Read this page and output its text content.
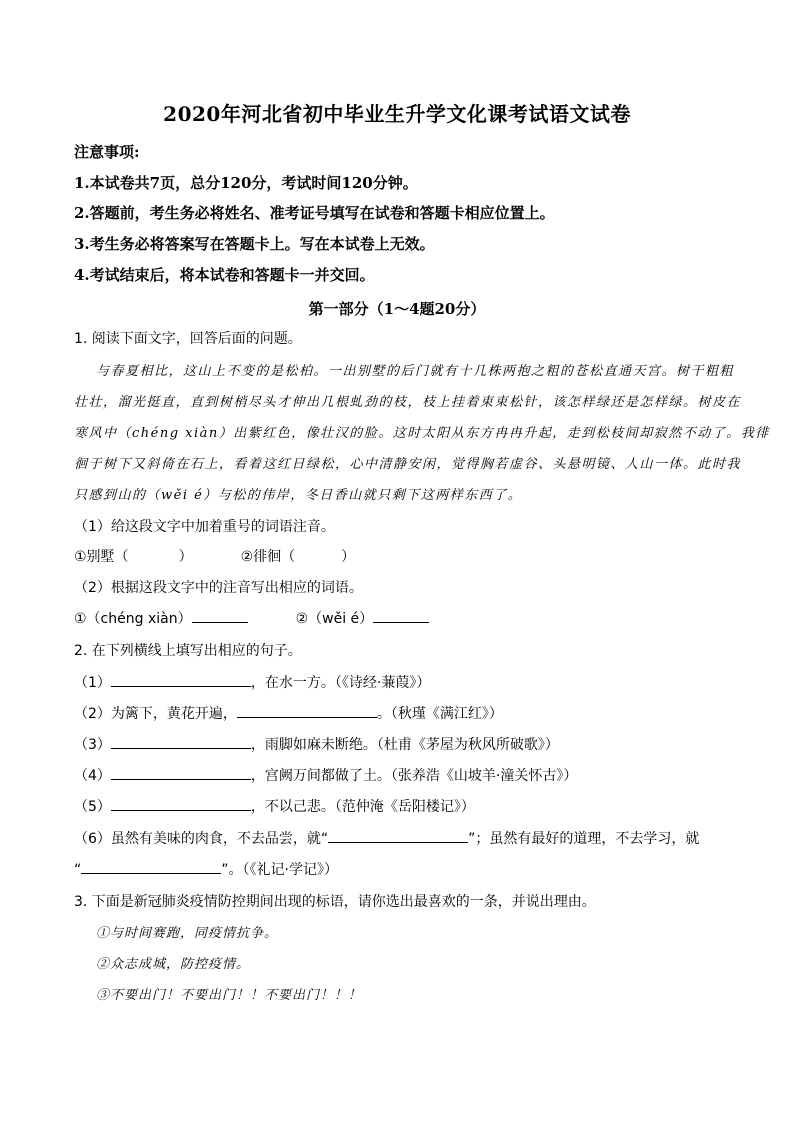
2020年河北省初中毕业生升学文化课考试语文试卷
注意事项:
1.本试卷共7页，总分120分，考试时间120分钟。
2.答题前，考生务必将姓名、准考证号填写在试卷和答题卡相应位置上。
3.考生务必将答案写在答题卡上。写在本试卷上无效。
4.考试结束后，将本试卷和答题卡一并交回。
第一部分（1～4题20分）
1. 阅读下面文字，回答后面的问题。
与春夏相比，这山上不变的是松柏。一出别墅的后门就有十几株两抱之粗的苍松直通天宫。树干粗粗
壮壮，溜光挺直，直到树梢尽头才伸出几根虬劲的枝，枝上挂着束束松针，该怎样绿还是怎样绿。树皮在
寒风中（chéng xiàn）出紫红色，像壮汉的脸。这时太阳从东方冉冉升起，走到松枝间却寂然不动了。我徘
徊于树下又斜倚在石上，看着这红日绿松，心中清静安闲，觉得胸若虚谷、头悬明镜、人山一体。此时我
只感到山的（wěi é）与松的伟岸，冬日香山就只剩下这两样东西了。
（1）给这段文字中加着重号的词语注音。
①别墅（	）	②徘徊（	）
（2）根据这段文字中的注音写出相应的词语。
①（chéng xiàn）	②（wěi é）
2. 在下列横线上填写出相应的句子。
（1）	，在水一方。（《诗经·蒹葭》）
（2）为篱下，黄花开遍，	。（秋瑾《满江红》）
（3）	，雨脚如麻未断绝。（杜甫《茅屋为秋风所破歌》）
（4）	，宫阙万间都做了土。（张养浩《山坡羊·潼关怀古》）
（5）	，不以己悲。（范仲淹《岳阳楼记》）
（6）虽然有美味的肉食，不去品尝，就“	”；虽然有最好的道理，不去学习，就
“	”。（《礼记·学记》）
3. 下面是新冠肺炎疫情防控期间出现的标语，请你选出最喜欢的一条，并说出理由。
①与时间赛跑，同疫情抗争。
②众志成城，防控疫情。
③不要出门！不要出门！！不要出门！！！
